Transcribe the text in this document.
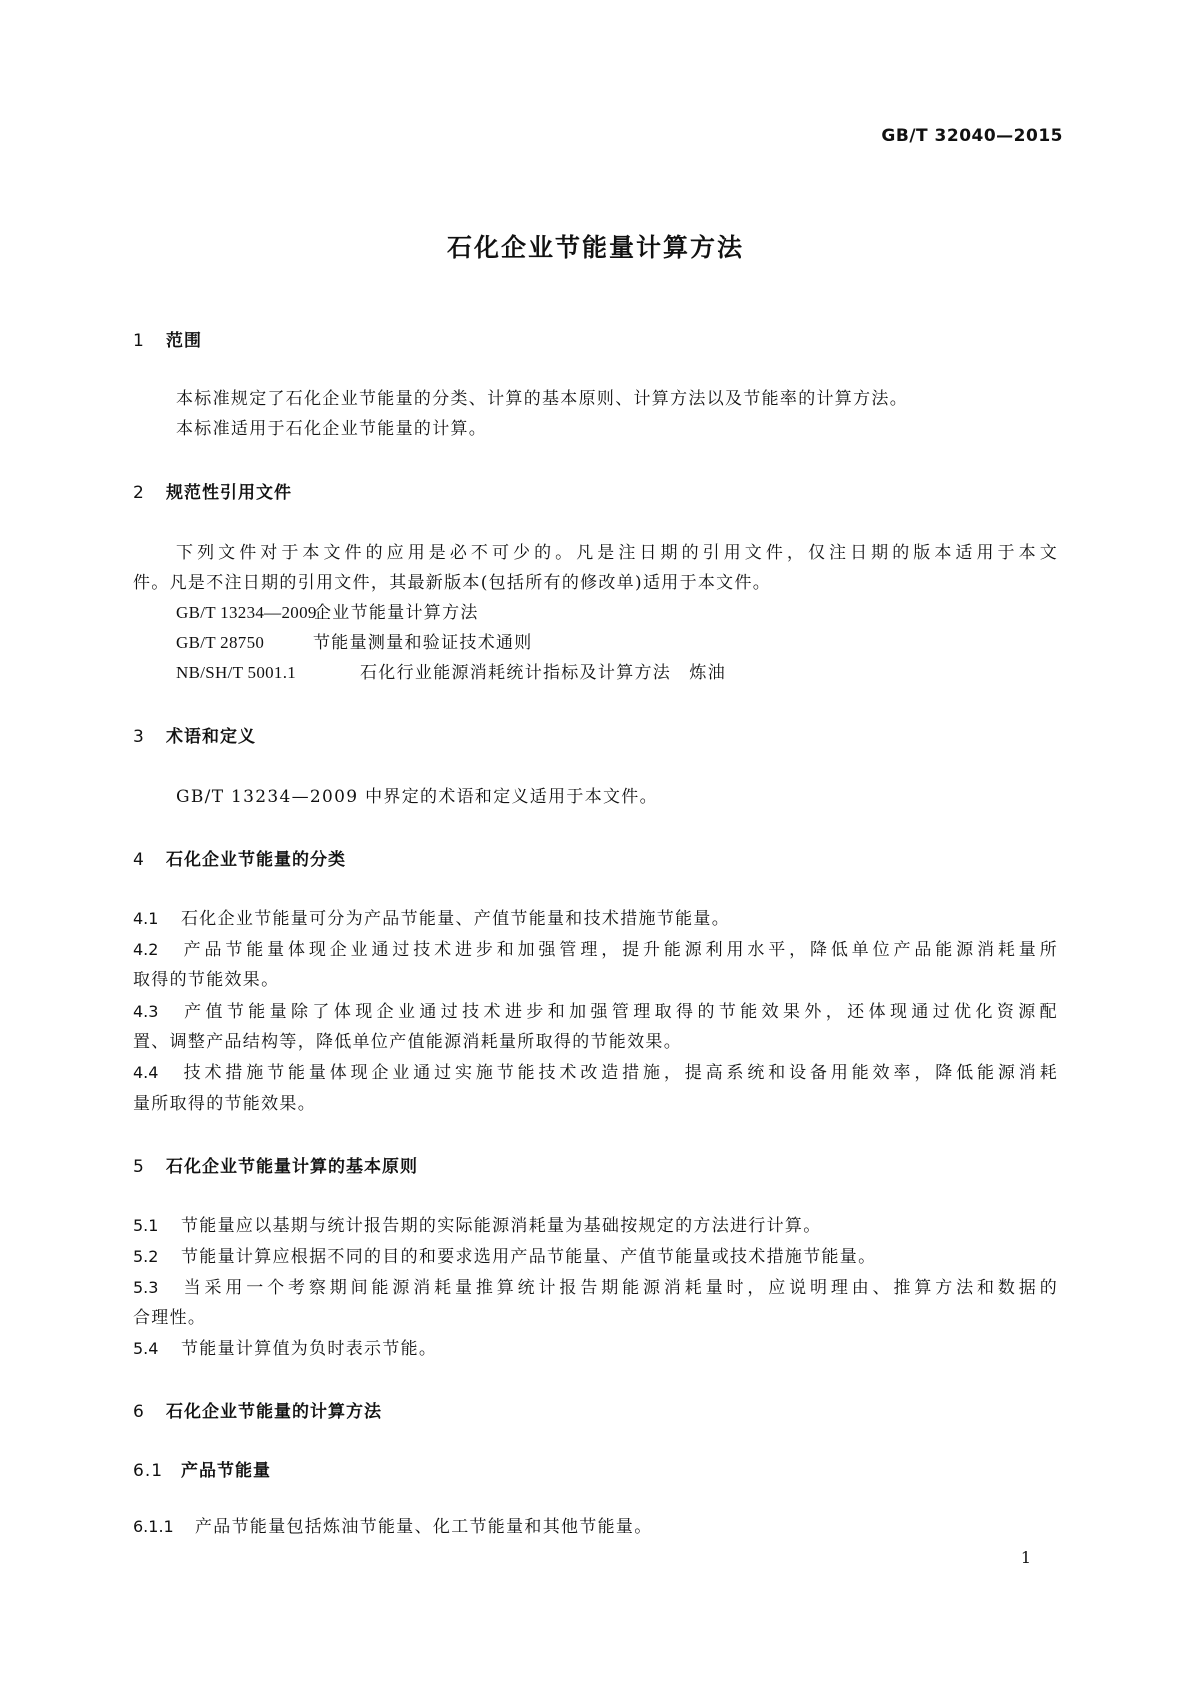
GB/T 32040—2015
石化企业节能量计算方法
1 范围
本标准规定了石化企业节能量的分类、计算的基本原则、计算方法以及节能率的计算方法。
本标准适用于石化企业节能量的计算。
2 规范性引用文件
下列文件对于本文件的应用是必不可少的。凡是注日期的引用文件，仅注日期的版本适用于本文
件。凡是不注日期的引用文件，其最新版本(包括所有的修改单)适用于本文件。
GB/T 13234—2009企业节能量计算方法
GB/T 28750	节能量测量和验证技术通则
NB/SH/T 5001.1	石化行业能源消耗统计指标及计算方法　炼油
3 术语和定义
GB/T 13234—2009 中界定的术语和定义适用于本文件。
4 石化企业节能量的分类
4.1 石化企业节能量可分为产品节能量、产值节能量和技术措施节能量。
4.2 产品节能量体现企业通过技术进步和加强管理，提升能源利用水平，降低单位产品能源消耗量所
取得的节能效果。
4.3 产值节能量除了体现企业通过技术进步和加强管理取得的节能效果外，还体现通过优化资源配
置、调整产品结构等，降低单位产值能源消耗量所取得的节能效果。
4.4 技术措施节能量体现企业通过实施节能技术改造措施，提高系统和设备用能效率，降低能源消耗
量所取得的节能效果。
5 石化企业节能量计算的基本原则
5.1 节能量应以基期与统计报告期的实际能源消耗量为基础按规定的方法进行计算。
5.2 节能量计算应根据不同的目的和要求选用产品节能量、产值节能量或技术措施节能量。
5.3 当采用一个考察期间能源消耗量推算统计报告期能源消耗量时，应说明理由、推算方法和数据的
合理性。
5.4 节能量计算值为负时表示节能。
6 石化企业节能量的计算方法
6.1 产品节能量
6.1.1 产品节能量包括炼油节能量、化工节能量和其他节能量。
1
